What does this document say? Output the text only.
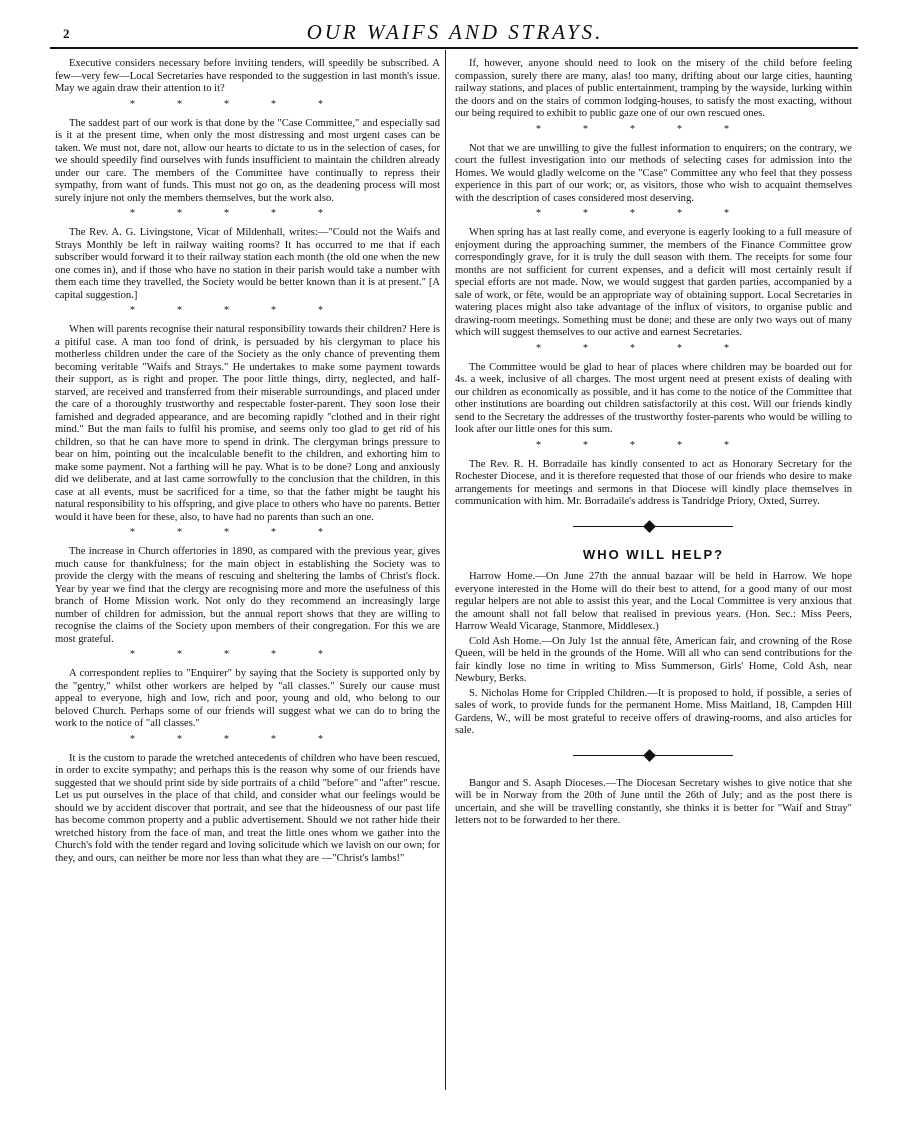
2	OUR WAIFS AND STRAYS.

Executive considers necessary before inviting tenders, will speedily be subscribed. A few—very few—Local Secretaries have responded to the suggestion in last month's issue. May we again draw their attention to it?

*****

The saddest part of our work is that done by the "Case Committee," and especially sad is it at the present time, when only the most distressing and most urgent cases can be taken. We must not, dare not, allow our hearts to dictate to us in the selection of cases, for we should speedily find ourselves with funds insufficient to maintain the children already under our care. The members of the Committee have continually to repress their sympathy, from want of funds. This must not go on, as the deadening process will most surely injure not only the members themselves, but the work also.

*****

The Rev. A. G. Livingstone, Vicar of Mildenhall, writes:—"Could not the Waifs and Strays Monthly be left in railway waiting rooms? It has occurred to me that if each subscriber would forward it to their railway station each month (the old one when the new one comes in), and if those who have no station in their parish would take a number with them each time they travelled, the Society would be better known than it is at present." [A capital suggestion.]

*****

When will parents recognise their natural responsibility towards their children? Here is a pitiful case. A man too fond of drink, is persuaded by his clergyman to place his motherless children under the care of the Society as the only chance of preventing them becoming veritable "Waifs and Strays." He undertakes to make some payment towards their support, as is right and proper. The poor little things, dirty, neglected, and half-starved, are received and transferred from their miserable surroundings, and placed under the care of a thoroughly trustworthy and respectable foster-parent. They soon lose their famished and degraded appearance, and are becoming rapidly "clothed and in their right mind." But the man fails to fulfil his promise, and seems only too glad to get rid of his children, so that he can have more to spend in drink. The clergyman brings pressure to bear on him, pointing out the incalculable benefit to the children, and exhorting him to make some payment. Not a farthing will he pay. What is to be done? Long and anxiously did we deliberate, and at last came sorrowfully to the conclusion that the children, in this case at all events, must be sacrificed for a time, so that the father might be taught his natural responsibility to his offspring, and give place to others who have no parents. Better would it have been for these, also, to have had no parents than such an one.

*****

The increase in Church offertories in 1890, as compared with the previous year, gives much cause for thankfulness; for the main object in establishing the Society was to provide the clergy with the means of rescuing and sheltering the lambs of Christ's flock. Year by year we find that the clergy are recognising more and more the usefulness of this branch of Home Mission work. Not only do they recommend an increasingly large number of children for admission, but the annual report shows that they are willing to recognise the claims of the Society upon members of their congregation. For this we are most grateful.

*****

A correspondent replies to "Enquirer" by saying that the Society is supported only by the "gentry," whilst other workers are helped by "all classes." Surely our cause must appeal to everyone, high and low, rich and poor, young and old, who belong to our beloved Church. Perhaps some of our friends will suggest what we can do to bring the work to the notice of "all classes."

*****

It is the custom to parade the wretched antecedents of children who have been rescued, in order to excite sympathy; and perhaps this is the reason why some of our friends have suggested that we should print side by side portraits of a child "before" and "after" rescue. Let us put ourselves in the place of that child, and consider what our feelings would be should we by accident discover that portrait, and see that the hideousness of our past life has become common property and a public advertisement. Should we not rather hide their wretched history from the face of man, and treat the little ones whom we gather into the Church's fold with the tender regard and loving solicitude which we lavish on our own; for they, and ours, can neither be more nor less than what they are —"Christ's lambs!"

If, however, anyone should need to look on the misery of the child before feeling compassion, surely there are many, alas! too many, drifting about our large cities, haunting railway stations, and places of public entertainment, tramping by the wayside, lurking within the doors and on the stairs of common lodging-houses, to satisfy the most exacting, without our being required to exhibit to public gaze one of our own rescued ones.

*****

Not that we are unwilling to give the fullest information to enquirers; on the contrary, we court the fullest investigation into our methods of selecting cases for admission into the Homes. We would gladly welcome on the "Case" Committee any who feel that they possess experience in this part of our work; or, as visitors, those who wish to acquaint themselves with the description of cases considered most deserving.

*****

When spring has at last really come, and everyone is eagerly looking to a full measure of enjoyment during the approaching summer, the members of the Finance Committee grow correspondingly grave, for it is truly the dull season with them. The receipts for some four months are not sufficient for current expenses, and a deficit will most certainly result if special efforts are not made. Now, we would suggest that garden parties, accompanied by a sale of work, or fête, would be an appropriate way of obtaining support. Local Secretaries in watering places might also take advantage of the influx of visitors, to organise public and drawing-room meetings. Something must be done; and these are only two ways out of many which will suggest themselves to our active and earnest Secretaries.

*****

The Committee would be glad to hear of places where children may be boarded out for 4s. a week, inclusive of all charges. The most urgent need at present exists of dealing with our children as economically as possible, and it has come to the notice of the Committee that other institutions are boarding out children satisfactorily at this cost. Will our friends kindly send to the Secretary the addresses of the trustworthy foster-parents who would be willing to look after our little ones for this sum.

*****

The Rev. R. H. Borradaile has kindly consented to act as Honorary Secretary for the Rochester Diocese, and it is therefore requested that those of our friends who desire to make arrangements for meetings and sermons in that Diocese will kindly place themselves in communication with him. Mr. Borradaile's address is Tandridge Priory, Oxted, Surrey.

WHO WILL HELP?

Harrow Home.—On June 27th the annual bazaar will be held in Harrow. We hope everyone interested in the Home will do their best to attend, for a good many of our most regular helpers are not able to assist this year, and the Local Committee is very anxious that the amount shall not fall below that realised in previous years. (Hon. Sec.: Miss Peers, Harrow Weald Vicarage, Stanmore, Middlesex.)

Cold Ash Home.—On July 1st the annual fête, American fair, and crowning of the Rose Queen, will be held in the grounds of the Home. Will all who can send contributions for the fair kindly lose no time in writing to Miss Summerson, Girls' Home, Cold Ash, near Newbury, Berks.

S. Nicholas Home for Crippled Children.—It is proposed to hold, if possible, a series of sales of work, to provide funds for the permanent Home. Miss Maitland, 18, Campden Hill Gardens, W., will be most grateful to receive offers of drawing-rooms, and also articles for sale.

Bangor and S. Asaph Dioceses.—The Diocesan Secretary wishes to give notice that she will be in Norway from the 20th of June until the 26th of July; and as the post there is uncertain, and she will be travelling constantly, she thinks it is better for "Waif and Stray" letters not to be forwarded to her there.
